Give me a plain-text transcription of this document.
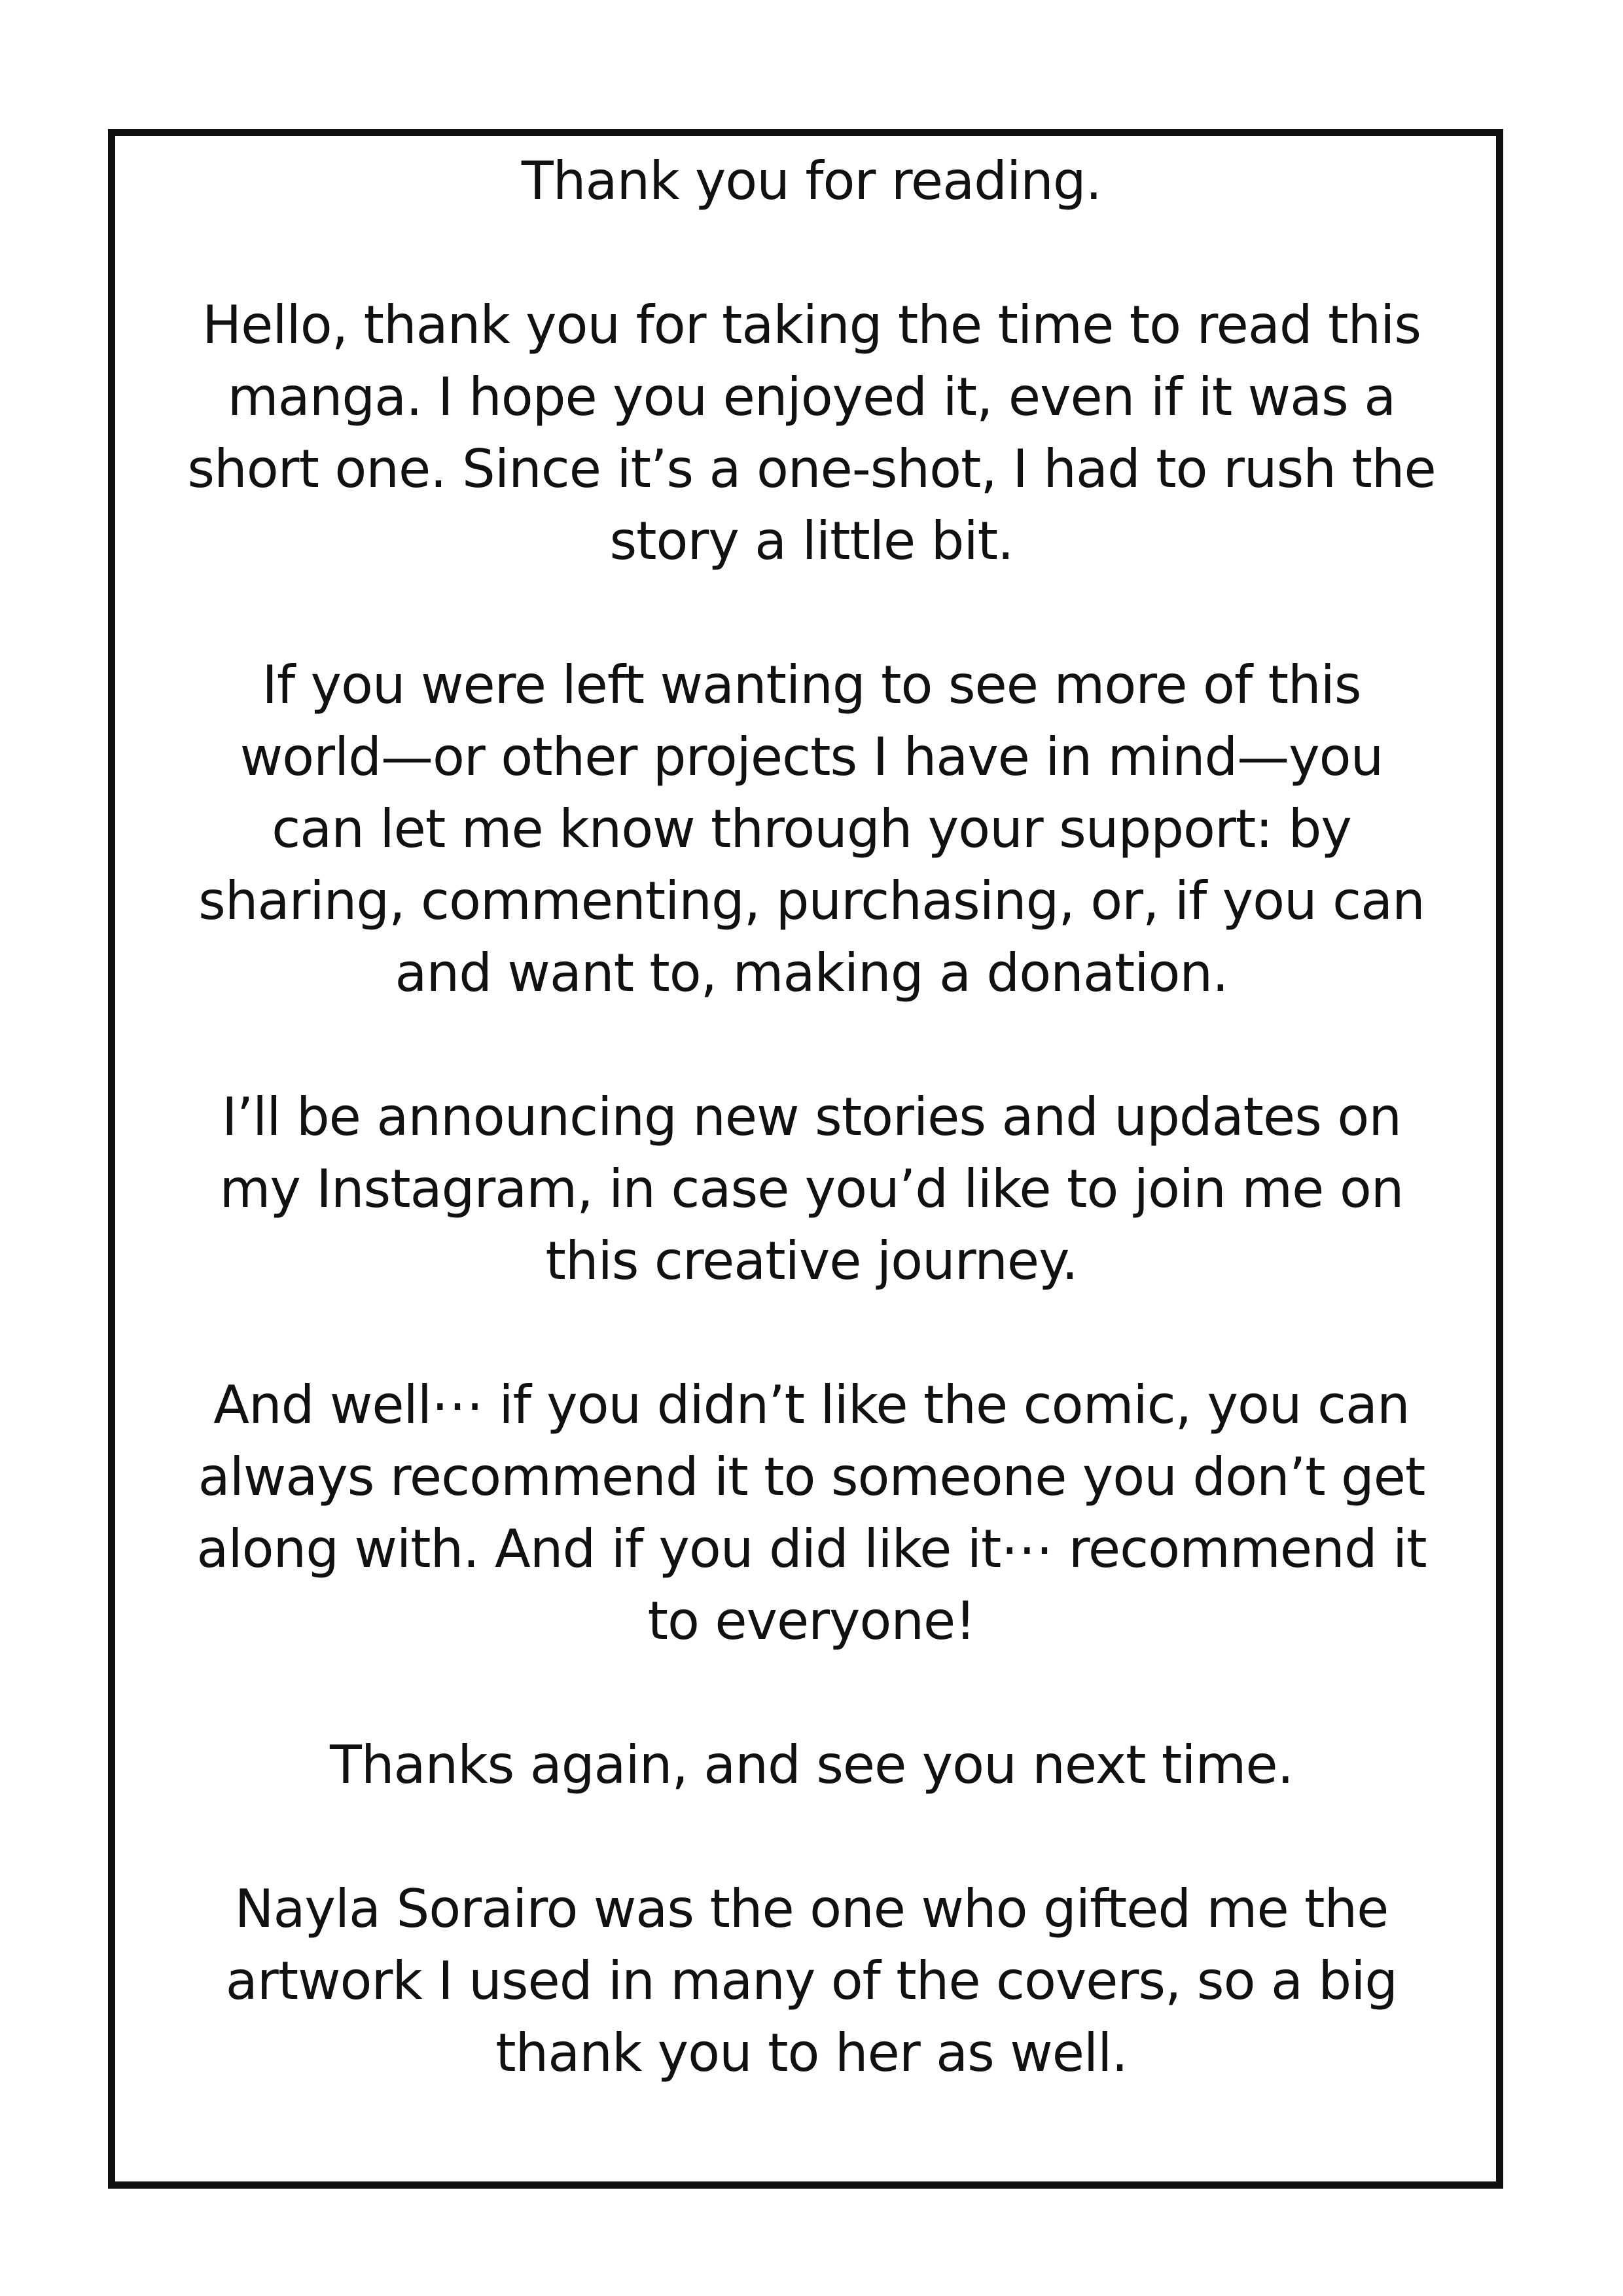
Thank you for reading.
Hello, thank you for taking the time to read this
manga. I hope you enjoyed it, even if it was a
short one. Since it’s a one-shot, I had to rush the
story a little bit.
If you were left wanting to see more of this
world—or other projects I have in mind—you
can let me know through your support: by
sharing, commenting, purchasing, or, if you can
and want to, making a donation.
I’ll be announcing new stories and updates on
my Instagram, in case you’d like to join me on
this creative journey.
And well⋯ if you didn’t like the comic, you can
always recommend it to someone you don’t get
along with. And if you did like it⋯ recommend it
to everyone!
Thanks again, and see you next time.
Nayla Sorairo was the one who gifted me the
artwork I used in many of the covers, so a big
thank you to her as well.
